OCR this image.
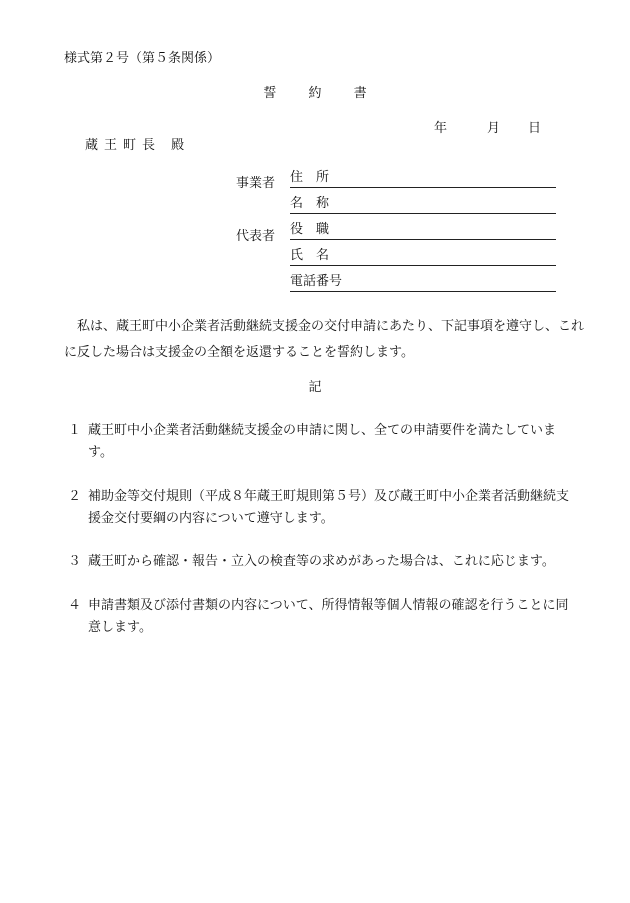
様式第２号（第５条関係）
誓 約 書
年	月 日
蔵王町長 殿
事業者
代表者
住　所
名　称
役　職
氏　名
電話番号
私は、蔵王町中小企業者活動継続支援金の交付申請にあたり、下記事項を遵守し、これに反した場合は支援金の全額を返還することを誓約します。
記
１ 蔵王町中小企業者活動継続支援金の申請に関し、全ての申請要件を満たしています。
２ 補助金等交付規則（平成８年蔵王町規則第５号）及び蔵王町中小企業者活動継続支援金交付要綱の内容について遵守します。
３ 蔵王町から確認・報告・立入の検査等の求めがあった場合は、これに応じます。
４ 申請書類及び添付書類の内容について、所得情報等個人情報の確認を行うことに同意します。
